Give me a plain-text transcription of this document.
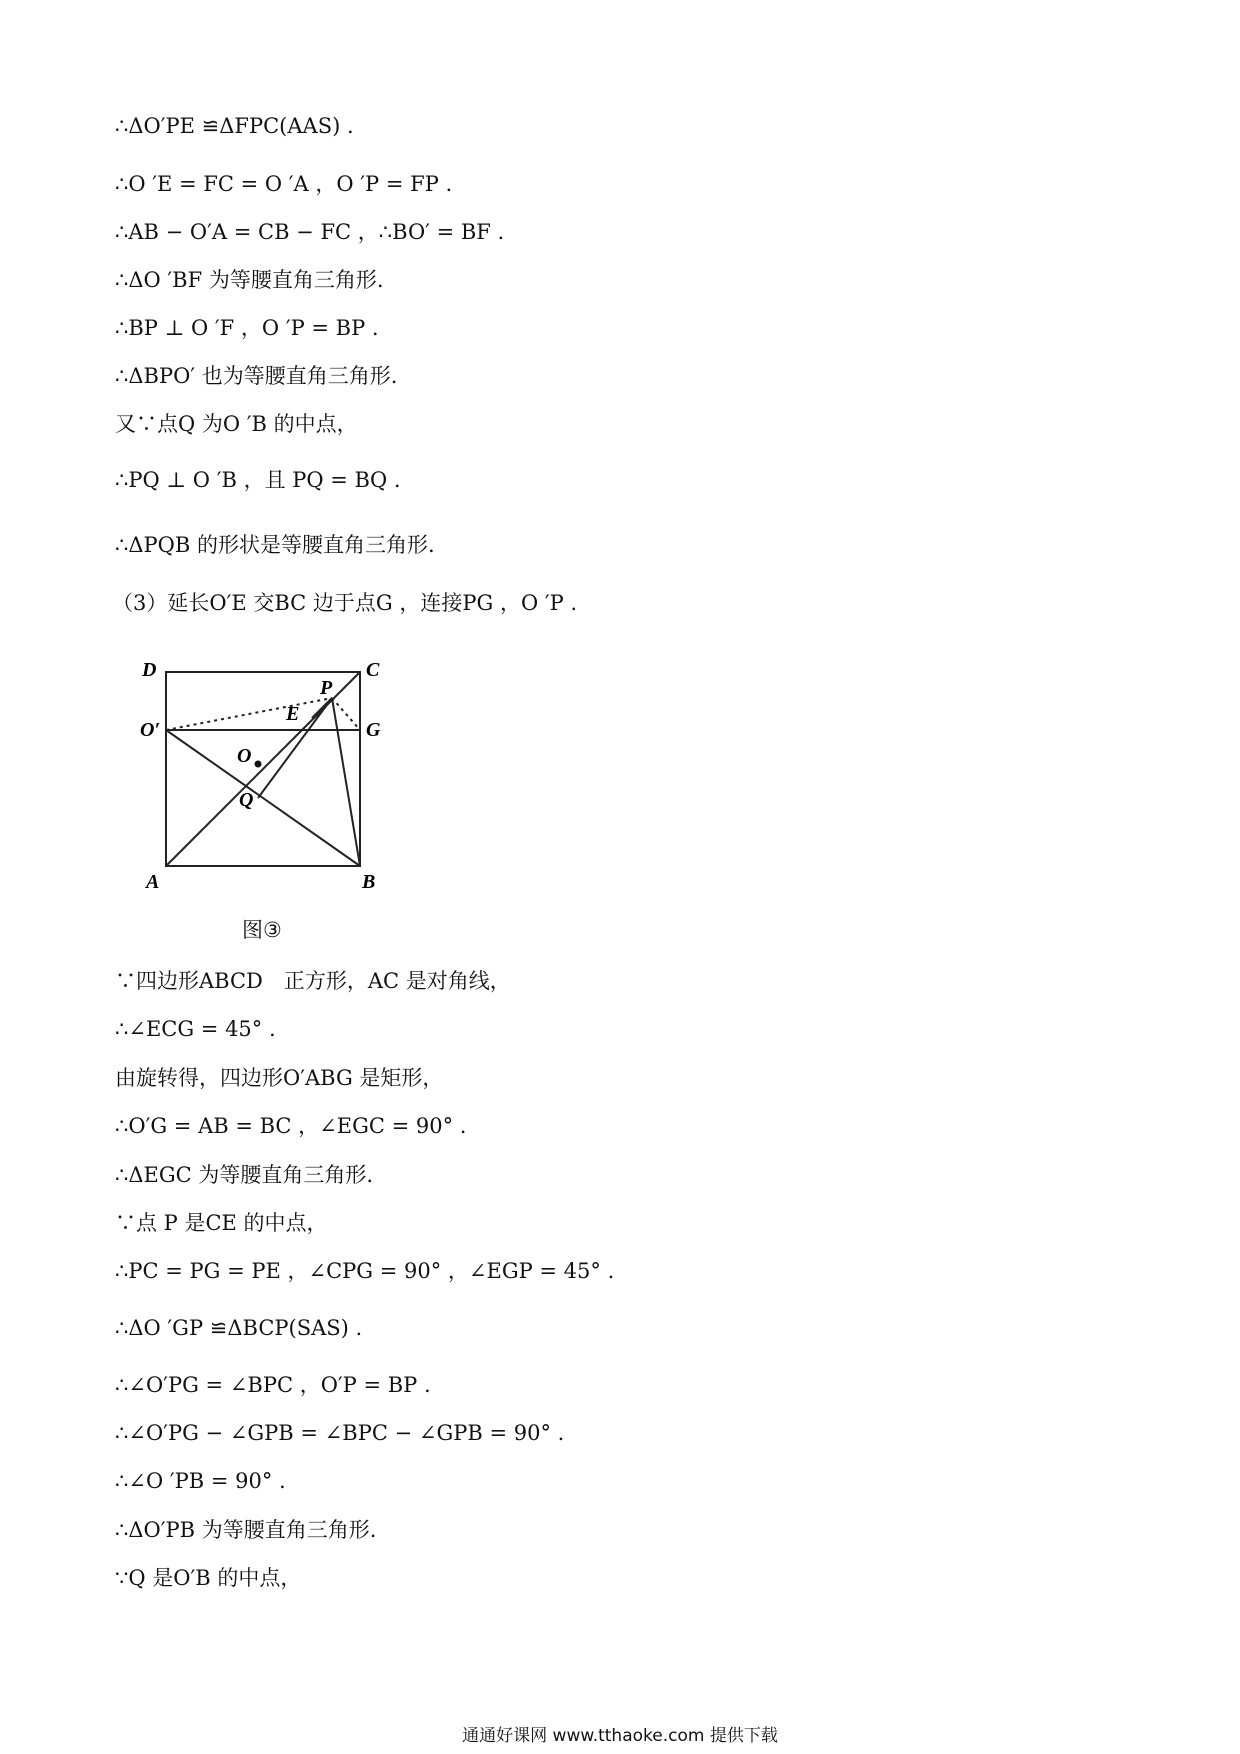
∴ΔO′PE ≌ΔFPC(AAS) .
∴O ′E = FC = O ′A ，O ′P = FP .
∴AB − O′A = CB − FC ，∴BO′ = BF .
∴ΔO ′BF 为等腰直角三角形.
∴BP ⊥ O ′F ，O ′P = BP .
∴ΔBPO′ 也为等腰直角三角形.
又∵点Q 为O ′B 的中点，
∴PQ ⊥ O ′B ，且 PQ = BQ .
∴ΔPQB 的形状是等腰直角三角形.
（3）延长O′E 交BC 边于点G ，连接PG ，O ′P .
D	C
P
E
O′	G
O
Q
A	B
图③
∵四边形ABCD　正方形，AC 是对角线，
∴∠ECG = 45° .
由旋转得，四边形O′ABG 是矩形，
∴O′G = AB = BC ，∠EGC = 90° .
∴ΔEGC 为等腰直角三角形.
∵点 P 是CE 的中点，
∴PC = PG = PE ，∠CPG = 90° ，∠EGP = 45° .
∴ΔO ′GP ≌ΔBCP(SAS) .
∴∠O′PG = ∠BPC ，O′P = BP .
∴∠O′PG − ∠GPB = ∠BPC − ∠GPB = 90° .
∴∠O ′PB = 90° .
∴ΔO′PB 为等腰直角三角形.
∵Q 是O′B 的中点，
通通好课网 www.tthaoke.com 提供下载
